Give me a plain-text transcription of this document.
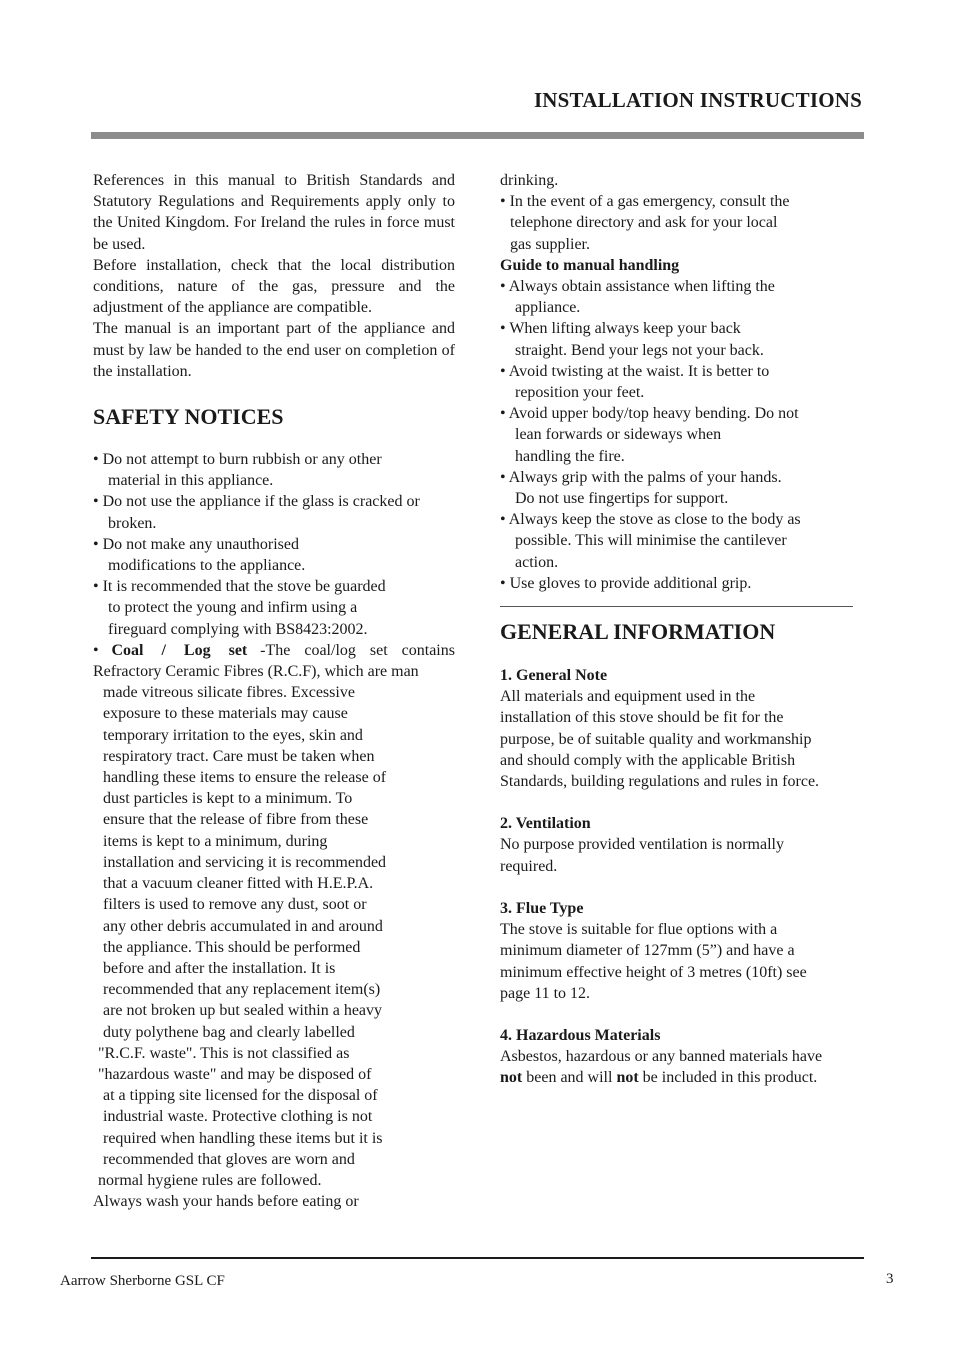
INSTALLATION INSTRUCTIONS

References in this manual to British Standards and Statutory Regulations and Requirements apply only to the United Kingdom. For Ireland the rules in force must be used.

Before installation, check that the local distribution conditions, nature of the gas, pressure and the adjustment of the appliance are compatible.

The manual is an important part of the appliance and must by law be handed to the end user on completion of the installation.

SAFETY NOTICES

• Do not attempt to burn rubbish or any other

material in this appliance.

• Do not use the appliance if the glass is cracked or

broken.

• Do not make any unauthorised

modifications to the appliance.

• It is recommended that the stove be guarded

to protect the young and infirm using a

fireguard complying with BS8423:2002.

• Coal / Log set -The coal/log set contains

Refractory Ceramic Fibres (R.C.F), which are man

made vitreous silicate fibres. Excessive

exposure to these materials may cause

temporary irritation to the eyes, skin and

respiratory tract. Care must be taken when

handling these items to ensure the release of

dust particles is kept to a minimum. To

ensure that the release of fibre from these

items is kept to a minimum, during

installation and servicing it is recommended

that a vacuum cleaner fitted with H.E.P.A.

filters is used to remove any dust, soot or

any other debris accumulated in and around

the appliance. This should be performed

before and after the installation. It is

recommended that any replacement item(s)

are not broken up but sealed within a heavy

duty polythene bag and clearly labelled

"R.C.F. waste". This is not classified as

"hazardous waste" and may be disposed of

at a tipping site licensed for the disposal of

industrial waste. Protective clothing is not

required when handling these items but it is

recommended that gloves are worn and

normal hygiene rules are followed.

Always wash your hands before eating or

drinking.

• In the event of a gas emergency, consult the

telephone directory and ask for your local

gas supplier.

Guide to manual handling

• Always obtain assistance when lifting the

appliance.

• When lifting always keep your back

straight. Bend your legs not your back.

• Avoid twisting at the waist. It is better to

reposition your feet.

• Avoid upper body/top heavy bending. Do not

lean forwards or sideways when

handling the fire.

• Always grip with the palms of your hands.

Do not use fingertips for support.

• Always keep the stove as close to the body as

possible. This will minimise the cantilever

action.

• Use gloves to provide additional grip.

GENERAL INFORMATION

1. General Note

All materials and equipment used in the

installation of this stove should be fit for the

purpose, be of suitable quality and workmanship

and should comply with the applicable British

Standards, building regulations and rules in force.

2. Ventilation

No purpose provided ventilation is normally

required.

3. Flue Type

The stove is suitable for flue options with a

minimum diameter of 127mm (5”) and have a

minimum effective height of 3 metres (10ft) see

page 11 to 12.

4. Hazardous Materials

Asbestos, hazardous or any banned materials have

not been and will not be included in this product.

Aarrow Sherborne GSL CF	3
